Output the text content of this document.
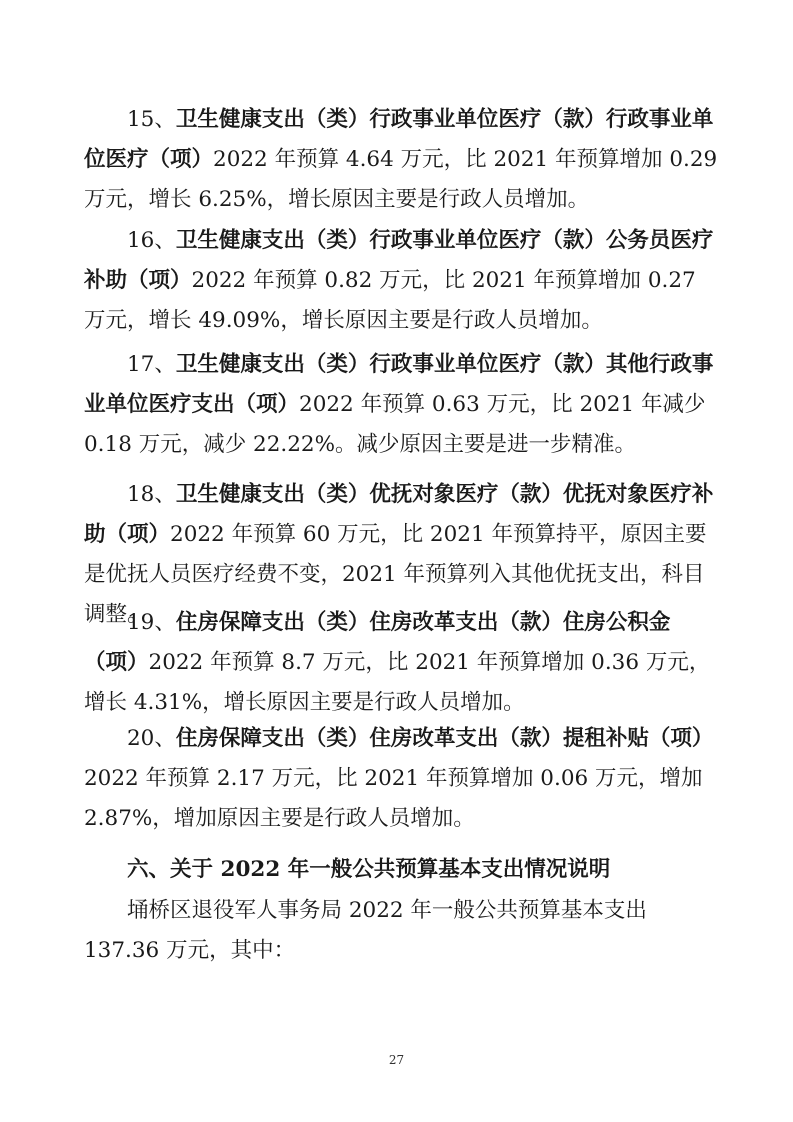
15、卫生健康支出（类）行政事业单位医疗（款）行政事业单位医疗（项）2022 年预算 4.64 万元，比 2021 年预算增加 0.29 万元，增长 6.25%，增长原因主要是行政人员增加。

16、卫生健康支出（类）行政事业单位医疗（款）公务员医疗补助（项）2022 年预算 0.82 万元，比 2021 年预算增加 0.27 万元，增长 49.09%，增长原因主要是行政人员增加。

17、卫生健康支出（类）行政事业单位医疗（款）其他行政事业单位医疗支出（项）2022 年预算 0.63 万元，比 2021 年减少 0.18 万元，减少 22.22%。减少原因主要是进一步精准。

18、卫生健康支出（类）优抚对象医疗（款）优抚对象医疗补助（项）2022 年预算 60 万元，比 2021 年预算持平，原因主要是优抚人员医疗经费不变，2021 年预算列入其他优抚支出，科目调整。

19、住房保障支出（类）住房改革支出（款）住房公积金（项）2022 年预算 8.7 万元，比 2021 年预算增加 0.36 万元，增长 4.31%，增长原因主要是行政人员增加。

20、住房保障支出（类）住房改革支出（款）提租补贴（项）2022 年预算 2.17 万元，比 2021 年预算增加 0.06 万元，增加 2.87%，增加原因主要是行政人员增加。

六、关于 2022 年一般公共预算基本支出情况说明

埇桥区退役军人事务局 2022 年一般公共预算基本支出 137.36 万元，其中：

27
